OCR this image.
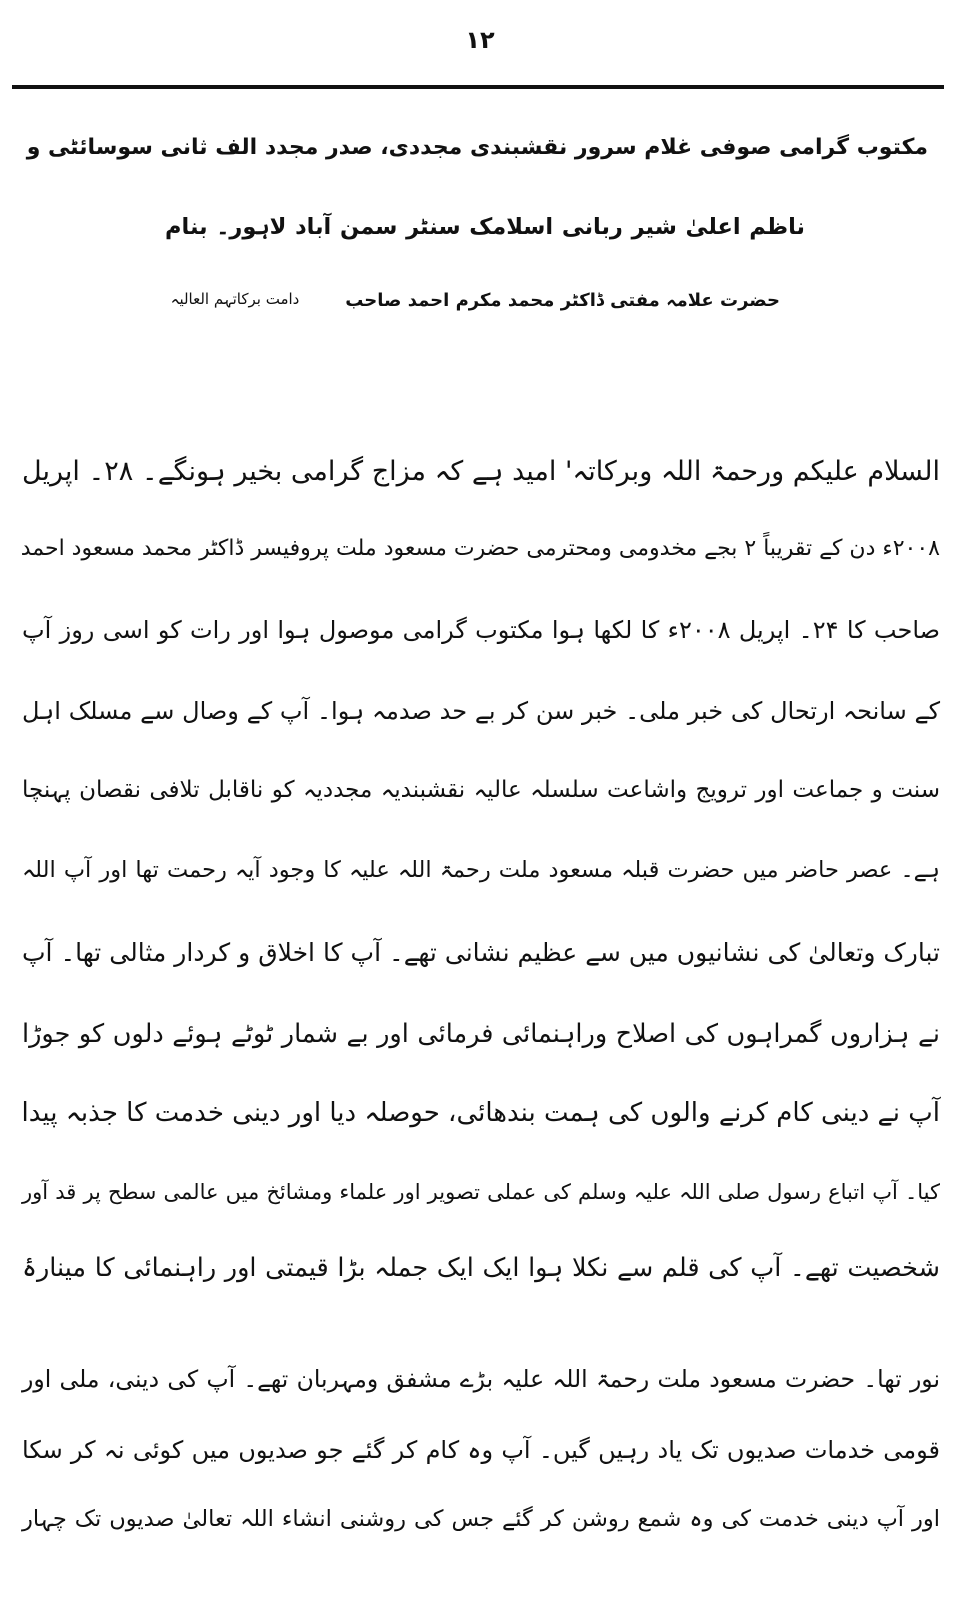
۱۲
مکتوب گرامی صوفی غلام سرور نقشبندی مجددی، صدر مجدد الف ثانی سوسائٹی و
ناظم اعلیٰ شیر ربانی اسلامک سنٹر سمن آباد لاہور۔ بنام
حضرت علامہ مفتی ڈاکٹر محمد مکرم احمد صاحب
دامت برکاتہم العالیہ
السلام علیکم ورحمۃ اللہ وبرکاتہ' امید ہے کہ مزاج گرامی بخیر ہونگے۔ ۲۸۔ اپریل
۲۰۰۸ء دن کے تقریباً ۲ بجے مخدومی ومحترمی حضرت مسعود ملت پروفیسر ڈاکٹر محمد مسعود احمد
صاحب کا ۲۴۔ اپریل ۲۰۰۸ء کا لکھا ہوا مکتوب گرامی موصول ہوا اور رات کو اسی روز آپ
کے سانحہ ارتحال کی خبر ملی۔ خبر سن کر بے حد صدمہ ہوا۔ آپ کے وصال سے مسلک اہل
سنت و جماعت اور ترویج واشاعت سلسلہ عالیہ نقشبندیہ مجددیہ کو ناقابل تلافی نقصان پہنچا
ہے۔ عصر حاضر میں حضرت قبلہ مسعود ملت رحمۃ اللہ علیہ کا وجود آیہ رحمت تھا اور آپ اللہ
تبارک وتعالیٰ کی نشانیوں میں سے عظیم نشانی تھے۔ آپ کا اخلاق و کردار مثالی تھا۔ آپ
نے ہزاروں گمراہوں کی اصلاح وراہنمائی فرمائی اور بے شمار ٹوٹے ہوئے دلوں کو جوڑا
آپ نے دینی کام کرنے والوں کی ہمت بندھائی، حوصلہ دیا اور دینی خدمت کا جذبہ پیدا
کیا۔ آپ اتباع رسول صلی اللہ علیہ وسلم کی عملی تصویر اور علماء ومشائخ میں عالمی سطح پر قد آور
شخصیت تھے۔ آپ کی قلم سے نکلا ہوا ایک ایک جملہ بڑا قیمتی اور راہنمائی کا مینارۂ
نور تھا۔ حضرت مسعود ملت رحمۃ اللہ علیہ بڑے مشفق ومہربان تھے۔ آپ کی دینی، ملی اور
قومی خدمات صدیوں تک یاد رہیں گیں۔ آپ وہ کام کر گئے جو صدیوں میں کوئی نہ کر سکا
اور آپ دینی خدمت کی وہ شمع روشن کر گئے جس کی روشنی انشاء اللہ تعالیٰ صدیوں تک چہار
